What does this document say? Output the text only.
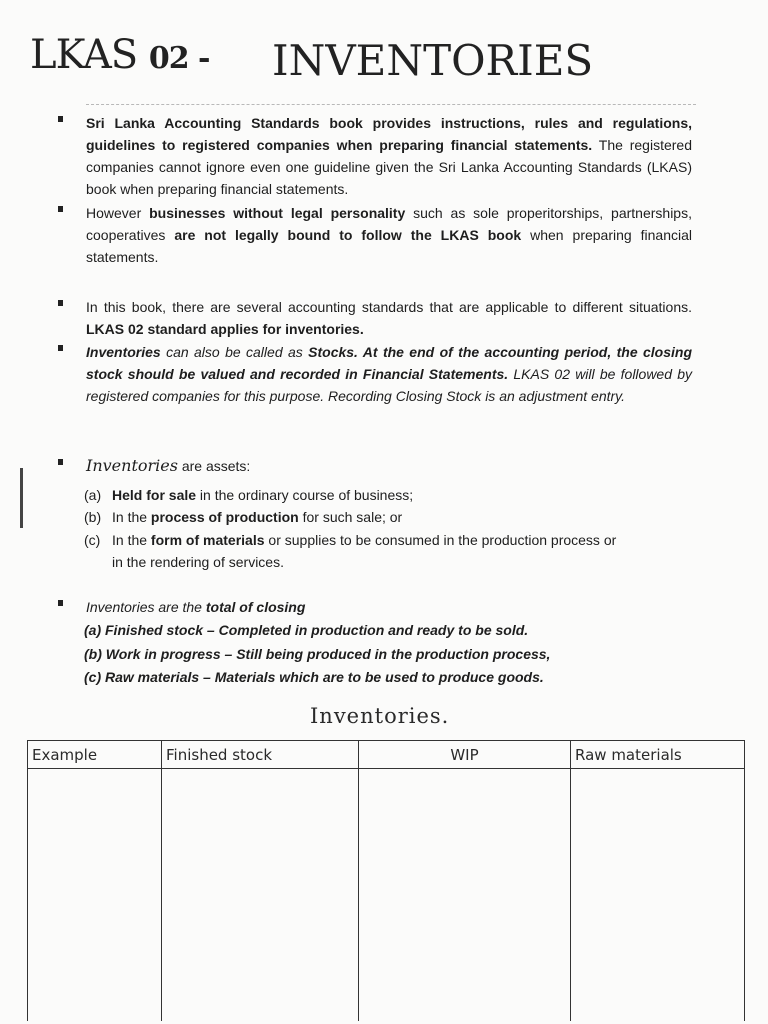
LKAS 02 - INVENTORIES
Sri Lanka Accounting Standards book provides instructions, rules and regulations, guidelines to registered companies when preparing financial statements. The registered companies cannot ignore even one guideline given the Sri Lanka Accounting Standards (LKAS) book when preparing financial statements.
However businesses without legal personality such as sole properitorships, partnerships, cooperatives are not legally bound to follow the LKAS book when preparing financial statements.
In this book, there are several accounting standards that are applicable to different situations. LKAS 02 standard applies for inventories.
Inventories can also be called as Stocks. At the end of the accounting period, the closing stock should be valued and recorded in Financial Statements. LKAS 02 will be followed by registered companies for this purpose. Recording Closing Stock is an adjustment entry.
Inventories are assets:
(a) Held for sale in the ordinary course of business;
(b) In the process of production for such sale; or
(c) In the form of materials or supplies to be consumed in the production process or
in the rendering of services.
Inventories are the total of closing
(a) Finished stock – Completed in production and ready to be sold.
(b) Work in progress – Still being produced in the production process,
(c) Raw materials – Materials which are to be used to produce goods.
Inventories.
Example	Finished stock	WIP	Raw materials
